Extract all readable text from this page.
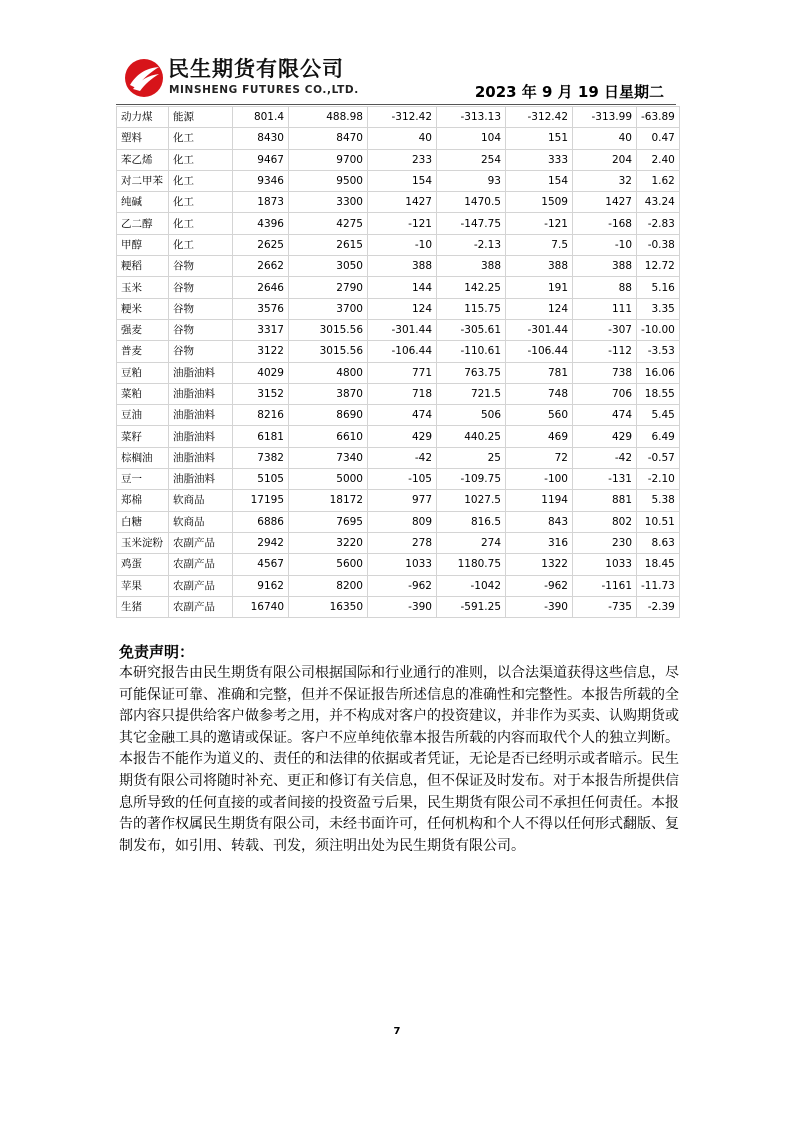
民生期货有限公司
MINSHENG FUTURES CO.,LTD.	2023 年 9 月 19 日星期二
动力煤	能源	801.4	488.98	-312.42	-313.13	-312.42	-313.99	-63.89
塑料	化工	8430	8470	40	104	151	40	0.47
苯乙烯	化工	9467	9700	233	254	333	204	2.40
对二甲苯	化工	9346	9500	154	93	154	32	1.62
纯碱	化工	1873	3300	1427	1470.5	1509	1427	43.24
乙二醇	化工	4396	4275	-121	-147.75	-121	-168	-2.83
甲醇	化工	2625	2615	-10	-2.13	7.5	-10	-0.38
粳稻	谷物	2662	3050	388	388	388	388	12.72
玉米	谷物	2646	2790	144	142.25	191	88	5.16
粳米	谷物	3576	3700	124	115.75	124	111	3.35
强麦	谷物	3317	3015.56	-301.44	-305.61	-301.44	-307	-10.00
普麦	谷物	3122	3015.56	-106.44	-110.61	-106.44	-112	-3.53
豆粕	油脂油料	4029	4800	771	763.75	781	738	16.06
菜粕	油脂油料	3152	3870	718	721.5	748	706	18.55
豆油	油脂油料	8216	8690	474	506	560	474	5.45
菜籽	油脂油料	6181	6610	429	440.25	469	429	6.49
棕榈油	油脂油料	7382	7340	-42	25	72	-42	-0.57
豆一	油脂油料	5105	5000	-105	-109.75	-100	-131	-2.10
郑棉	软商品	17195	18172	977	1027.5	1194	881	5.38
白糖	软商品	6886	7695	809	816.5	843	802	10.51
玉米淀粉	农副产品	2942	3220	278	274	316	230	8.63
鸡蛋	农副产品	4567	5600	1033	1180.75	1322	1033	18.45
苹果	农副产品	9162	8200	-962	-1042	-962	-1161	-11.73
生猪	农副产品	16740	16350	-390	-591.25	-390	-735	-2.39
免责声明：
本研究报告由民生期货有限公司根据国际和行业通行的准则，以合法渠道获得这些信息，尽可能保证可靠、准确和完整，但并不保证报告所述信息的准确性和完整性。本报告所载的全部内容只提供给客户做参考之用，并不构成对客户的投资建议，并非作为买卖、认购期货或其它金融工具的邀请或保证。客户不应单纯依靠本报告所载的内容而取代个人的独立判断。本报告不能作为道义的、责任的和法律的依据或者凭证，无论是否已经明示或者暗示。民生期货有限公司将随时补充、更正和修订有关信息，但不保证及时发布。对于本报告所提供信息所导致的任何直接的或者间接的投资盈亏后果，民生期货有限公司不承担任何责任。本报告的著作权属民生期货有限公司，未经书面许可，任何机构和个人不得以任何形式翻版、复制发布，如引用、转载、刊发，须注明出处为民生期货有限公司。
7
